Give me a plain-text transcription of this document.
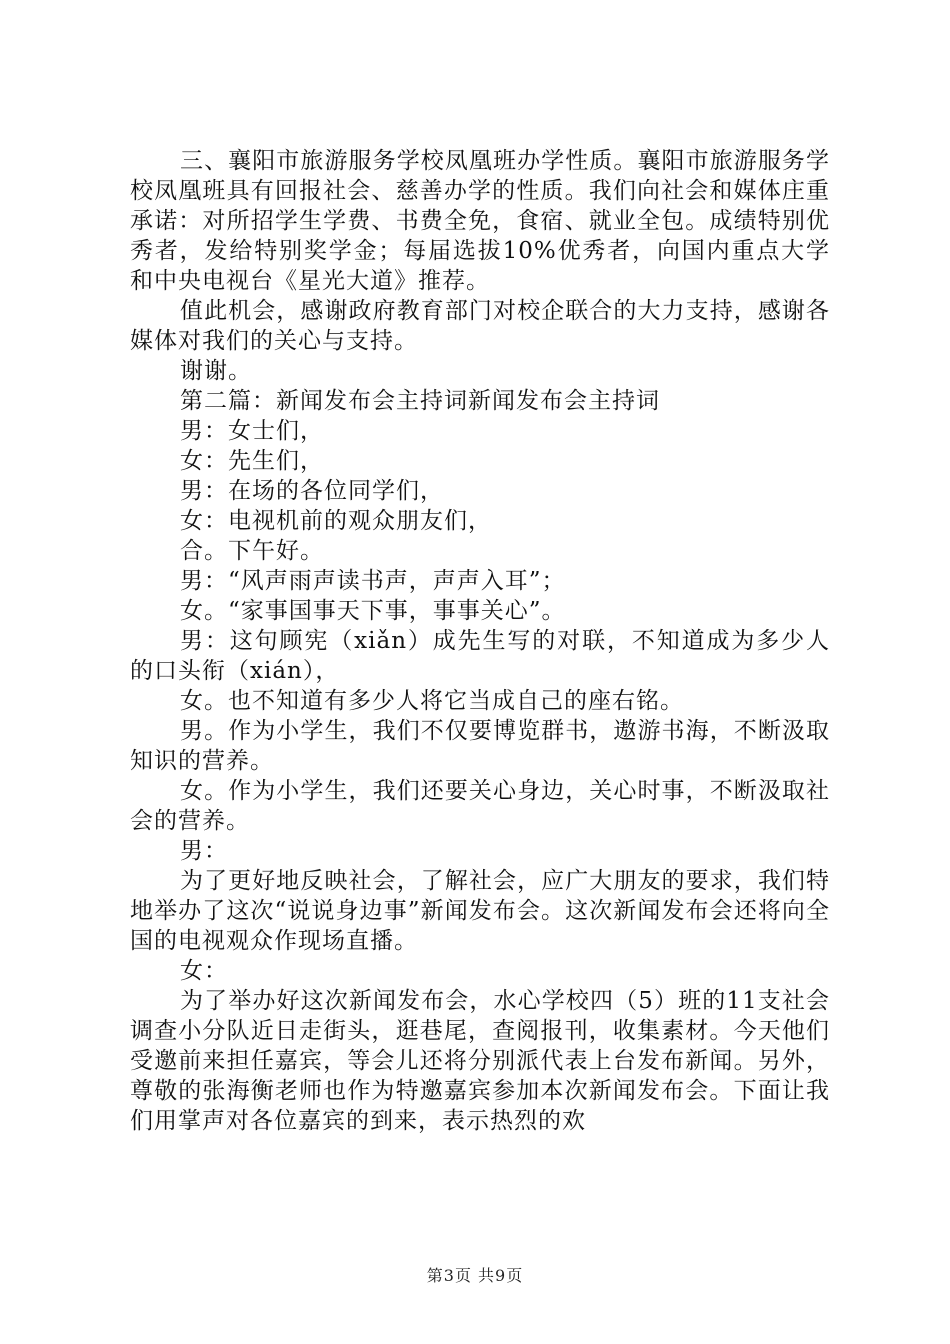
三、襄阳市旅游服务学校凤凰班办学性质。襄阳市旅游服务学校凤凰班具有回报社会、慈善办学的性质。我们向社会和媒体庄重承诺：对所招学生学费、书费全免，食宿、就业全包。成绩特别优秀者，发给特别奖学金；每届选拔10%优秀者，向国内重点大学和中央电视台《星光大道》推荐。

值此机会，感谢政府教育部门对校企联合的大力支持，感谢各媒体对我们的关心与支持。

谢谢。

第二篇：新闻发布会主持词新闻发布会主持词

男：女士们，

女：先生们，

男：在场的各位同学们，

女：电视机前的观众朋友们，

合。下午好。

男：“风声雨声读书声，声声入耳”；

女。“家事国事天下事，事事关心”。

男：这句顾宪（xiǎn）成先生写的对联，不知道成为多少人的口头衔（xián），

女。也不知道有多少人将它当成自己的座右铭。

男。作为小学生，我们不仅要博览群书，遨游书海，不断汲取知识的营养。

女。作为小学生，我们还要关心身边，关心时事，不断汲取社会的营养。

男：

为了更好地反映社会，了解社会，应广大朋友的要求，我们特地举办了这次“说说身边事”新闻发布会。这次新闻发布会还将向全国的电视观众作现场直播。

女：

为了举办好这次新闻发布会，水心学校四（5）班的11支社会调查小分队近日走街头，逛巷尾，查阅报刊，收集素材。今天他们受邀前来担任嘉宾，等会儿还将分别派代表上台发布新闻。另外，尊敬的张海衡老师也作为特邀嘉宾参加本次新闻发布会。下面让我们用掌声对各位嘉宾的到来，表示热烈的欢

第3页 共9页
